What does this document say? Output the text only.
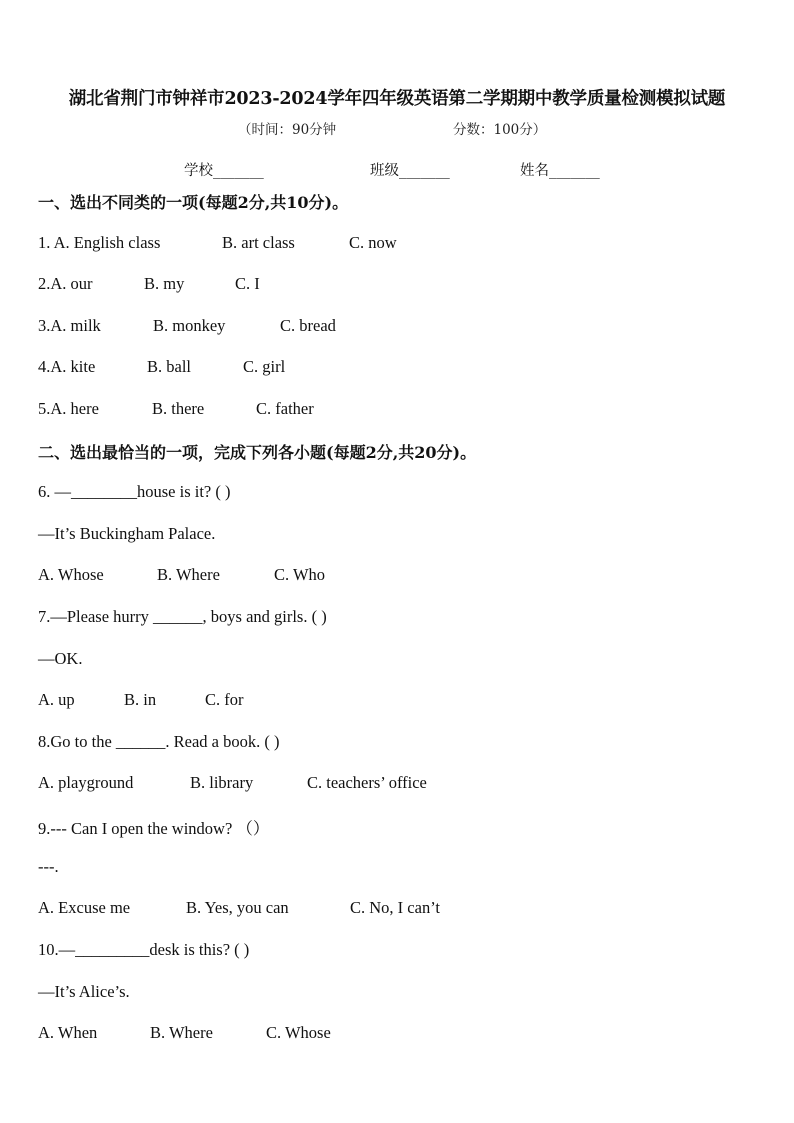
湖北省荆门市钟祥市2023-2024学年四年级英语第二学期期中教学质量检测模拟试题
（时间：90分钟	分数：100分）
学校_______	班级_______	姓名_______
一、选出不同类的一项(每题2分,共10分)。
1. A. English class	B. art class	C. now
2.A. our	B. my	C. I
3.A. milk	B. monkey	C. bread
4.A. kite	B. ball	C. girl
5.A. here	B. there	C. father
二、选出最恰当的一项，完成下列各小题(每题2分,共20分)。
6. —________house is it? ( )
—It’s Buckingham Palace.
A. Whose	B. Where	C. Who
7.—Please hurry ______, boys and girls. ( )
—OK.
A. up	B. in	C. for
8.Go to the ______. Read a book. ( )
A. playground	B. library	C. teachers’ office
9.--- Can I open the window? （）
---.
A. Excuse me	B. Yes, you can	C. No, I can’t
10.—_________desk is this? ( )
—It’s Alice’s.
A. When	B. Where	C. Whose
